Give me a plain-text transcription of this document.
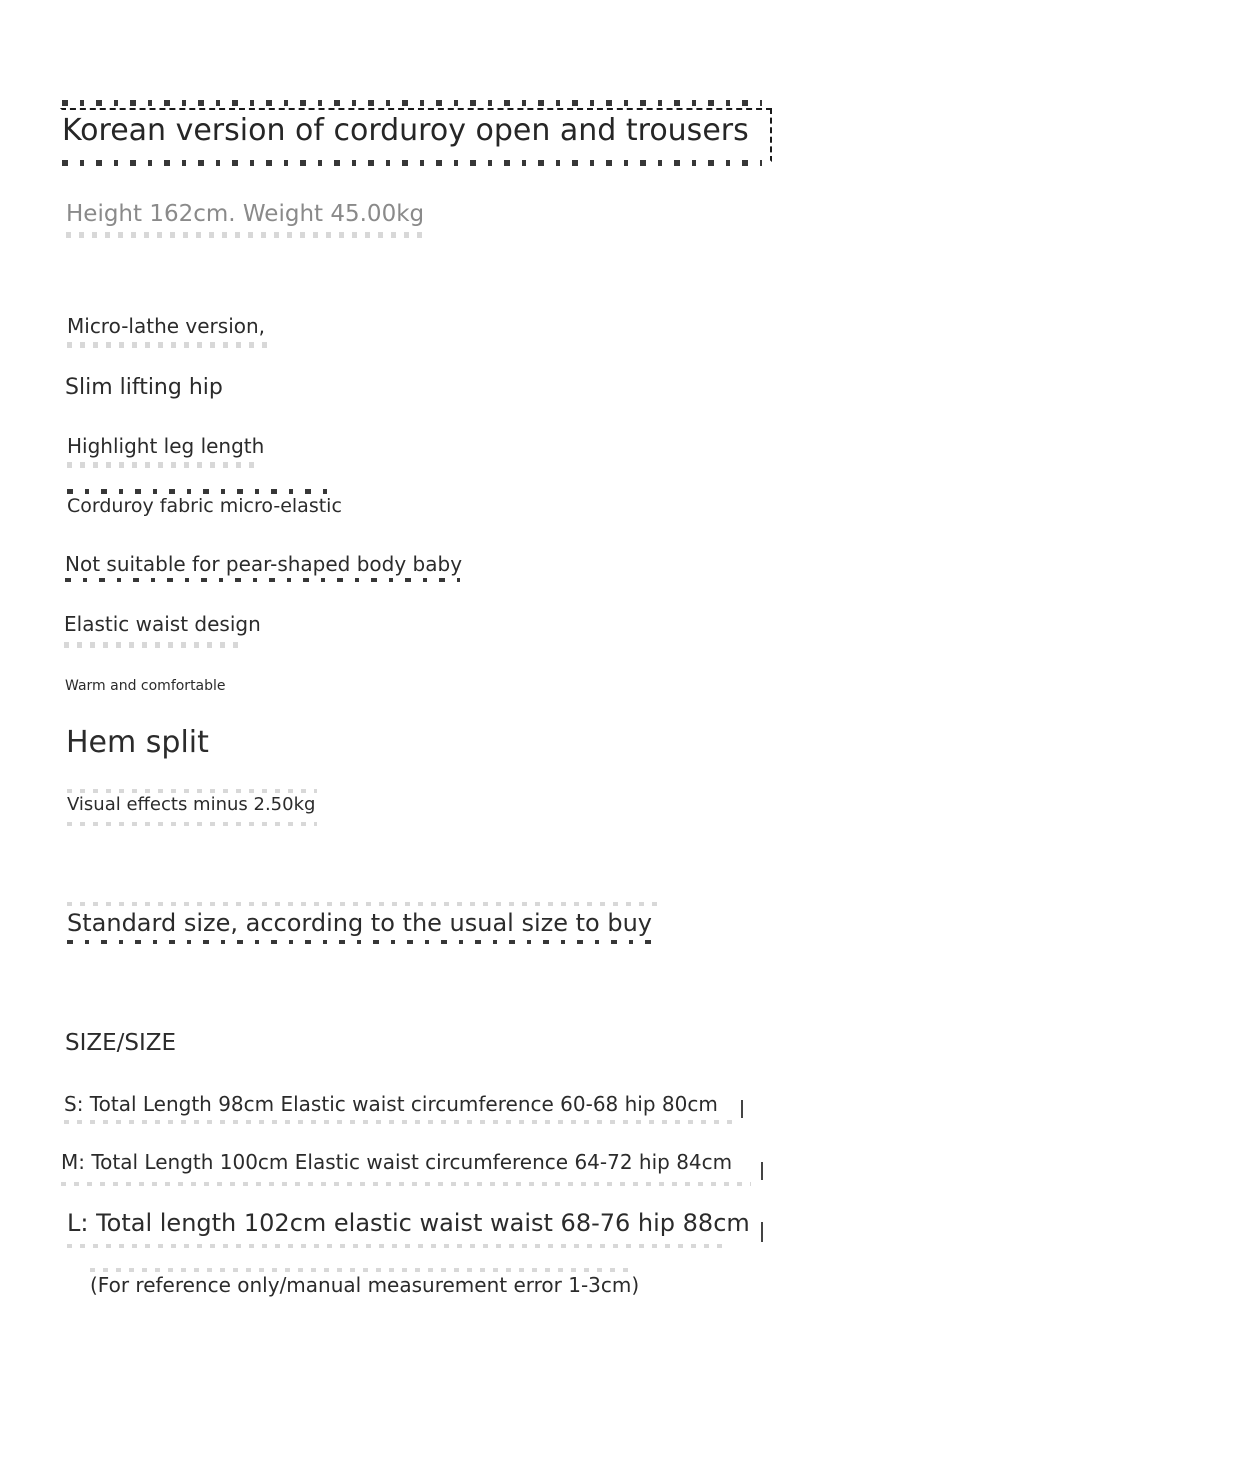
Korean version of corduroy open and trousers
Height 162cm. Weight 45.00kg
Micro-lathe version,
Slim lifting hip
Highlight leg length
Corduroy fabric micro-elastic
Not suitable for pear-shaped body baby
Elastic waist design
Warm and comfortable
Hem split
Visual effects minus 2.50kg
Standard size, according to the usual size to buy
SIZE/SIZE
S: Total Length 98cm Elastic waist circumference 60-68 hip 80cm
M: Total Length 100cm Elastic waist circumference 64-72 hip 84cm
L: Total length 102cm elastic waist waist 68-76 hip 88cm
(For reference only/manual measurement error 1-3cm)
